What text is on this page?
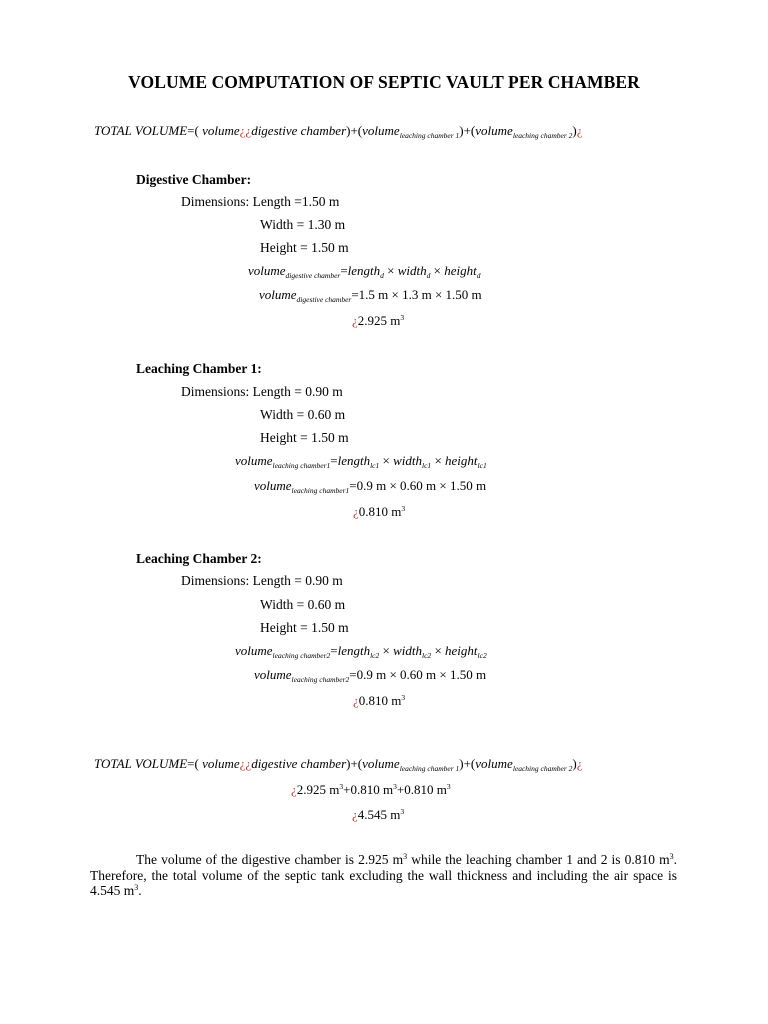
VOLUME COMPUTATION OF SEPTIC VAULT PER CHAMBER
TOTAL VOLUME=( volume¿¿digestive chamber)+(volume$_{leaching chamber 1}$)+(volume$_{leaching chamber 2}$)¿
Digestive Chamber:
Dimensions: Length =1.50 m
Width = 1.30 m
Height = 1.50 m
volume$_{digestive chamber}$=length$_d$ × width$_d$ × height$_d$
volume$_{digestive chamber}$=1.5 m × 1.3 m × 1.50 m
¿2.925 $m^3$
Leaching Chamber 1:
Dimensions: Length = 0.90 m
Width = 0.60 m
Height = 1.50 m
volume$_{leaching chamber1}$=length$_{lc1}$ × width$_{lc1}$ × height$_{lc1}$
volume$_{leaching chamber1}$=0.9 m × 0.60 m × 1.50 m
¿0.810 $m^3$
Leaching Chamber 2:
Dimensions: Length = 0.90 m
Width = 0.60 m
Height = 1.50 m
volume$_{leaching chamber2}$=length$_{lc2}$ × width$_{lc2}$ × height$_{lc2}$
volume$_{leaching chamber2}$=0.9 m × 0.60 m × 1.50 m
¿0.810 $m^3$
TOTAL VOLUME=( volume¿¿digestive chamber)+(volume$_{leaching chamber 1}$)+(volume$_{leaching chamber 2}$)¿
¿2.925 $m^3+0.810$ $m^3+0.810$ $m^3$
¿4.545 $m^3$
The volume of the digestive chamber is 2.925 $m^3$ while the leaching chamber 1 and 2 is 0.810 $m^3$. Therefore, the total volume of the septic tank excluding the wall thickness and including the air space is 4.545 $m^3$.
